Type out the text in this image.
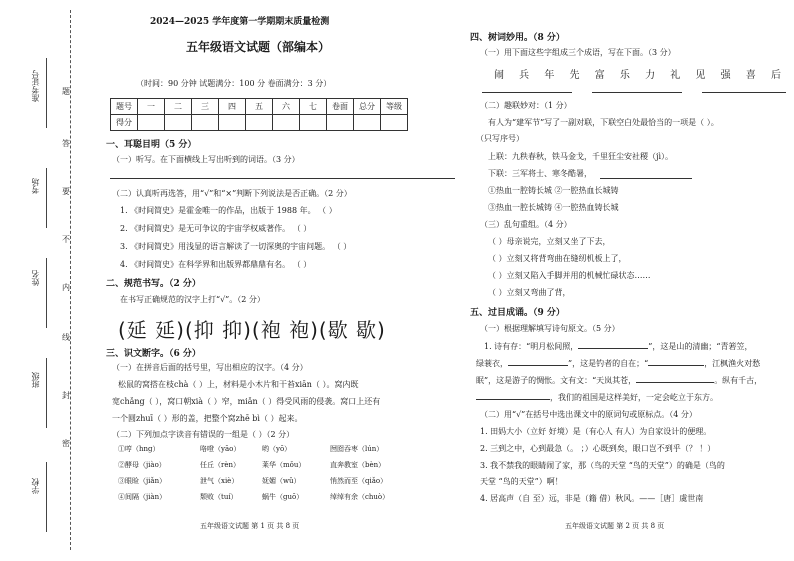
准考证号
考场
姓名
班级
学校
题
答
要
不
内
线
封
密
2024—2025 学年度第一学期期末质量检测
五年级语文试题（部编本）
（时间：90 分钟 试题满分：100 分 卷面满分：3 分）
题号	一	二	三	四	五	六	七	卷面	总分	等级
得分										
一、耳聪目明（5 分）
（一）听写。在下面横线上写出听到的词语。（3 分）
（二）认真听再选答，用“√”和“×”判断下列说法是否正确。（2 分）
1. 《时间简史》是霍金唯一的作品，出版于 1988 年。 （ ）
2. 《时间简史》是无可争议的宇宙学权威著作。 （ ）
3. 《时间简史》用浅显的语言解读了一切深奥的宇宙问题。 （ ）
4. 《时间简史》在科学界和出版界都鼎鼎有名。 （ ）
二、规范书写。（2 分）
在书写正确规范的汉字上打“√”。（2 分）
(延 延)(抑 抑)(袍 袍)(歇 歇)
三、识文断字。（6 分）
（一）在拼音后面的括号里，写出相应的汉字。（4 分）
松鼠的窝搭在枝chà（ ）上，材料是小木片和干苔xiān（ ）。窝内既
宽chǎng（ ），窝口朝xià（ ）窄，miǎn（ ）得受风雨的侵袭。窝口上还有
一个圆zhuī（ ）形的盖，把整个窝zhē bì（ ）起来。
（二）下列加点字读音有错误的一组是（ ）（2 分）
①哼（hng）	咯噔（yāo）	哟（yō）	囫囵吞枣（lún）
②酵母（jiào）	任丘（rèn）	莱华（mǒu）	直奔教室（bèn）
③眼睑（jiǎn）	泄气（xiè）	妩媚（wǔ）	悄然而至（qiǎo）
④间隔（jiàn）	颓败（tuí）	蜗牛（guō）	绰绰有余（chuò）
五年级语文试题 第 1 页 共 8 页
四、树词妙用。（8 分）
（一）用下面这些字组成三个成语，写在下面。（3 分）
闹 兵 年 先 富 乐 力 礼 见 强 喜 后
（二）趣联妙对：（1 分）
有人为“建军节”写了一副对联，下联空白处最恰当的一项是（ ）。
（只写序号）
上联：九秩春秋，铁马金戈，千里狂尘安社稷（jì）。
下联：三军将士、寒冬酷暑，
①热血一腔铸长城 ②一腔热血长城铸
③热血一腔长城铸 ④一腔热血铸长城
（三）乱句重组。（4 分）
（ ）母亲说完，立刻又坐了下去，
（ ）立刻又将背弯曲在缝纫机板上了，
（ ）立刻又陷入手脚并用的机械忙碌状态……
（ ）立刻又弯曲了背，
五、过目成诵。（9 分）
（一）根据理解填写诗句原文。（5 分）
1. 诗有存：“明月松间照，	”，这是山的清幽；“青箬笠，
绿蓑衣，	”，这是钓者的自在；“	，江枫渔火对愁
眠”，这是游子的惆怅。文有文：“天岚其苍，	。纵有千古，
，我们的祖国是这样美好，一定会屹立于东方。
（二）用“√”在括号中选出课文中的原词句或原标点。（4 分）
1. 田妈大小（立好 好境）是（有心人 有人）为自家设计的便理。
2. 三到之中，心到最急（。 ；）心既到矣，眼口岂不到乎（？ ！）
3. 我不禁我的眼睛闹了家，那（鸟的天堂 “鸟的天堂”）的确是（鸟的
天堂 “鸟的天堂”）啊！
4. 居高声（自 至）远，非是（籍 借）秋风。——［唐］虞世南
五年级语文试题 第 2 页 共 8 页
